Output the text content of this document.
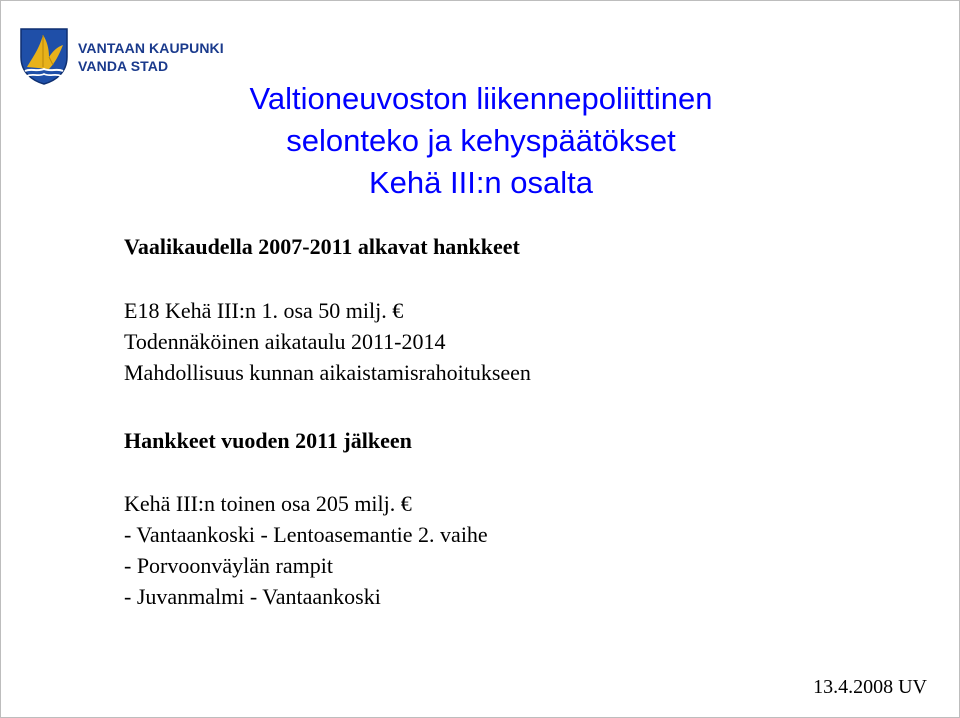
VANTAAN KAUPUNKI
VANDA STAD
Valtioneuvoston liikennepoliittinen
selonteko ja kehyspäätökset
Kehä III:n osalta
Vaalikaudella 2007-2011 alkavat hankkeet
E18 Kehä III:n 1. osa 50 milj. €
Todennäköinen aikataulu 2011-2014
Mahdollisuus kunnan aikaistamisrahoitukseen
Hankkeet vuoden 2011 jälkeen
Kehä III:n toinen osa 205 milj. €
- Vantaankoski - Lentoasemantie 2. vaihe
- Porvoonväylän rampit
- Juvanmalmi - Vantaankoski
13.4.2008 UV
